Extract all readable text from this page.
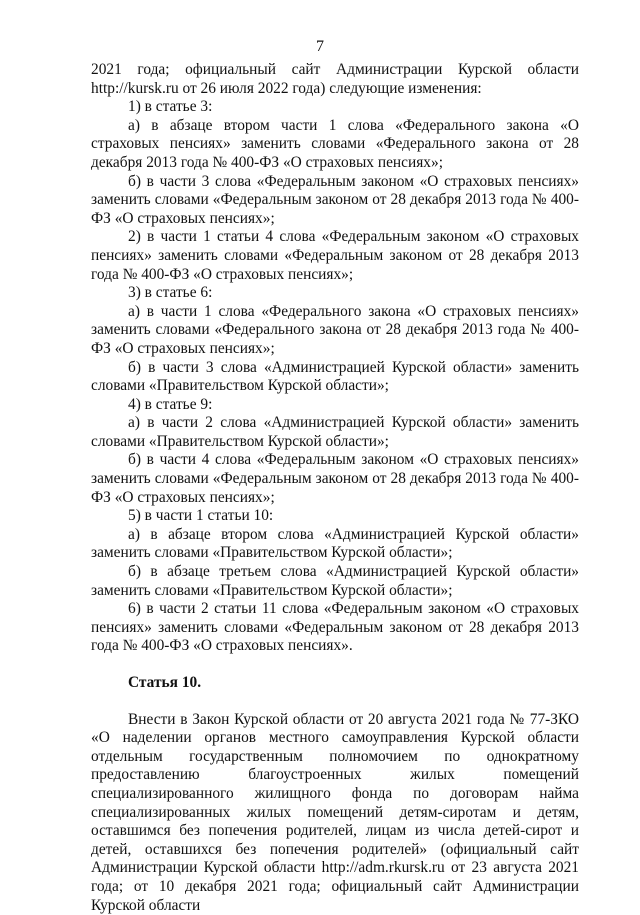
7

2021 года; официальный сайт Администрации Курской области http://kursk.ru от 26 июля 2022 года) следующие изменения:

1) в статье 3:

а) в абзаце втором части 1 слова «Федерального закона «О страховых пенсиях» заменить словами «Федерального закона от 28 декабря 2013 года № 400-ФЗ «О страховых пенсиях»;

б) в части 3 слова «Федеральным законом «О страховых пенсиях» заменить словами «Федеральным законом от 28 декабря 2013 года № 400-ФЗ «О страховых пенсиях»;

2) в части 1 статьи 4 слова «Федеральным законом «О страховых пенсиях» заменить словами «Федеральным законом от 28 декабря 2013 года № 400-ФЗ «О страховых пенсиях»;

3) в статье 6:

а) в части 1 слова «Федерального закона «О страховых пенсиях» заменить словами «Федерального закона от 28 декабря 2013 года № 400-ФЗ «О страховых пенсиях»;

б) в части 3 слова «Администрацией Курской области» заменить словами «Правительством Курской области»;

4) в статье 9:

а) в части 2 слова «Администрацией Курской области» заменить словами «Правительством Курской области»;

б) в части 4 слова «Федеральным законом «О страховых пенсиях» заменить словами «Федеральным законом от 28 декабря 2013 года № 400-ФЗ «О страховых пенсиях»;

5) в части 1 статьи 10:

а) в абзаце втором слова «Администрацией Курской области» заменить словами «Правительством Курской области»;

б) в абзаце третьем слова «Администрацией Курской области» заменить словами «Правительством Курской области»;

6) в части 2 статьи 11 слова «Федеральным законом «О страховых пенсиях» заменить словами «Федеральным законом от 28 декабря 2013 года № 400-ФЗ «О страховых пенсиях».

Статья 10.

Внести в Закон Курской области от 20 августа 2021 года № 77-ЗКО «О наделении органов местного самоуправления Курской области отдельным государственным полномочием по однократному предоставлению благоустроенных жилых помещений специализированного жилищного фонда по договорам найма специализированных жилых помещений детям-сиротам и детям, оставшимся без попечения родителей, лицам из числа детей-сирот и детей, оставшихся без попечения родителей» (официальный сайт Администрации Курской области http://adm.rkursk.ru от 23 августа 2021 года; от 10 декабря 2021 года; официальный сайт Администрации Курской области
